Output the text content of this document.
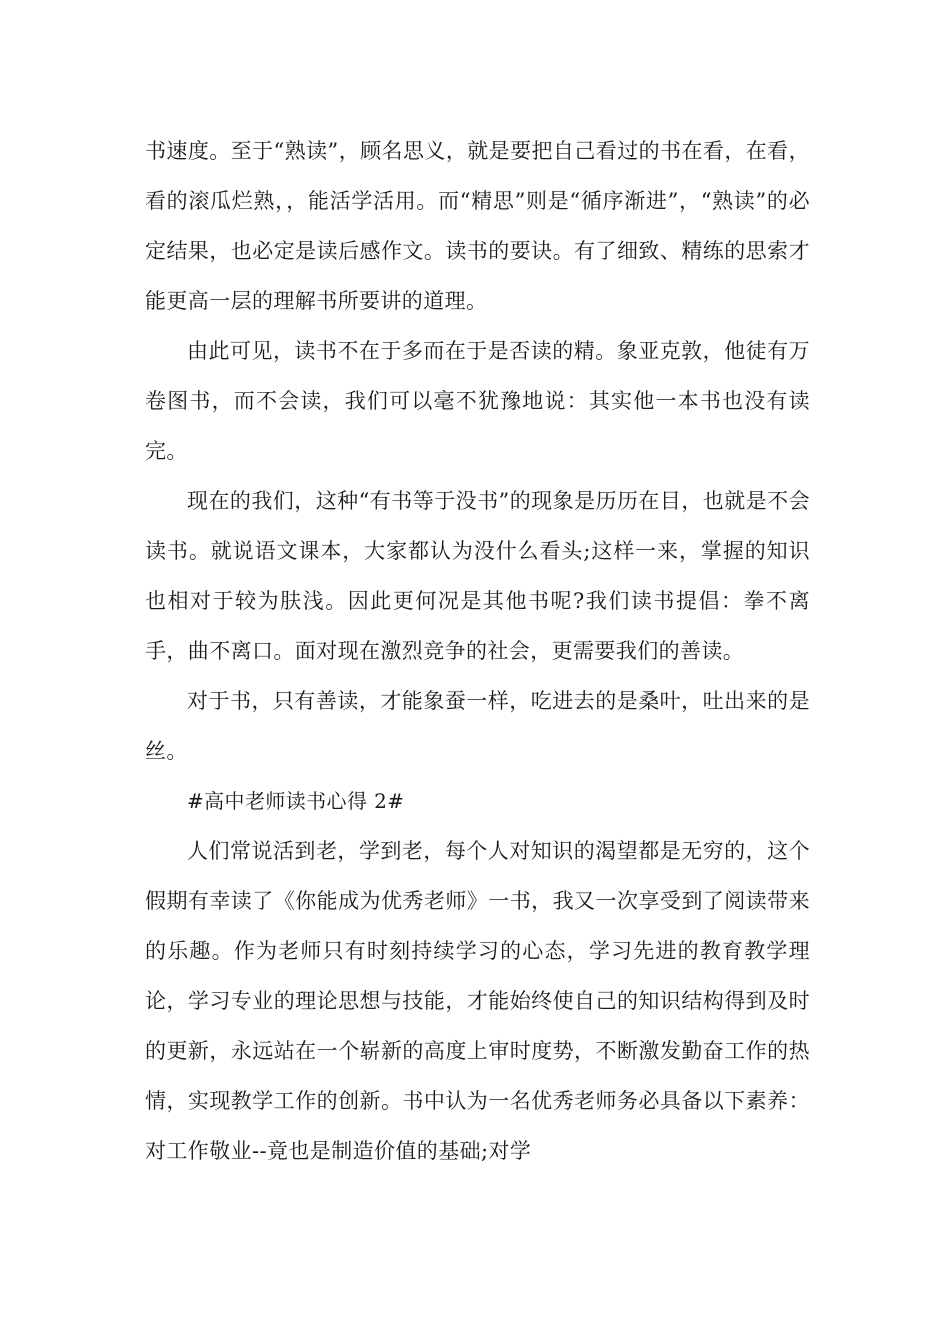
书速度。至于“熟读”，顾名思义，就是要把自己看过的书在看，在看，看的滚瓜烂熟，，能活学活用。而“精思”则是“循序渐进”，“熟读”的必定结果，也必定是读后感作文。读书的要诀。有了细致、精练的思索才能更高一层的理解书所要讲的道理。

由此可见，读书不在于多而在于是否读的精。象亚克敦，他徒有万卷图书，而不会读，我们可以毫不犹豫地说：其实他一本书也没有读完。

现在的我们，这种“有书等于没书”的现象是历历在目，也就是不会读书。就说语文课本，大家都认为没什么看头;这样一来，掌握的知识也相对于较为肤浅。因此更何况是其他书呢?我们读书提倡：拳不离手，曲不离口。面对现在激烈竞争的社会，更需要我们的善读。

对于书，只有善读，才能象蚕一样，吃进去的是桑叶，吐出来的是丝。

#高中老师读书心得 2#

人们常说活到老，学到老，每个人对知识的渴望都是无穷的，这个假期有幸读了《你能成为优秀老师》一书，我又一次享受到了阅读带来的乐趣。作为老师只有时刻持续学习的心态，学习先进的教育教学理论，学习专业的理论思想与技能，才能始终使自己的知识结构得到及时的更新，永远站在一个崭新的高度上审时度势，不断激发勤奋工作的热情，实现教学工作的创新。书中认为一名优秀老师务必具备以下素养：对工作敬业--竟也是制造价值的基础;对学
